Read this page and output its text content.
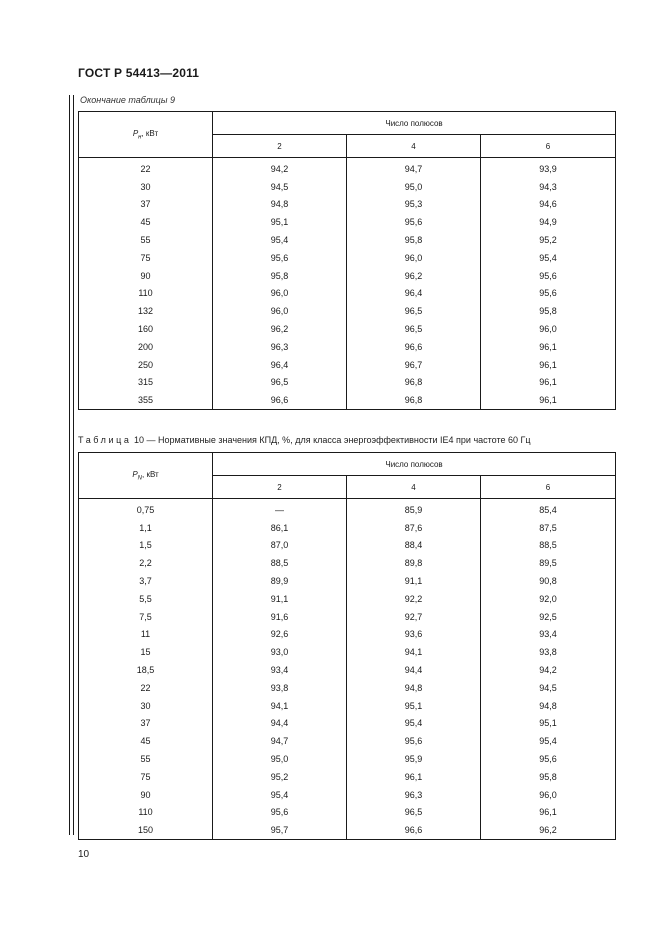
ГОСТ Р 54413—2011
Окончание таблицы 9
$P_н$, кВт	Число полюсов		
	2	4	6
22	94,2	94,7	93,9
30	94,5	95,0	94,3
37	94,8	95,3	94,6
45	95,1	95,6	94,9
55	95,4	95,8	95,2
75	95,6	96,0	95,4
90	95,8	96,2	95,6
110	96,0	96,4	95,6
132	96,0	96,5	95,8
160	96,2	96,5	96,0
200	96,3	96,6	96,1
250	96,4	96,7	96,1
315	96,5	96,8	96,1
355	96,6	96,8	96,1
Таблица 10 — Нормативные значения КПД, %, для класса энергоэффективности IE4 при частоте 60 Гц
$P_N$, кВт	Число полюсов		
	2	4	6
0,75	—	85,9	85,4
1,1	86,1	87,6	87,5
1,5	87,0	88,4	88,5
2,2	88,5	89,8	89,5
3,7	89,9	91,1	90,8
5,5	91,1	92,2	92,0
7,5	91,6	92,7	92,5
11	92,6	93,6	93,4
15	93,0	94,1	93,8
18,5	93,4	94,4	94,2
22	93,8	94,8	94,5
30	94,1	95,1	94,8
37	94,4	95,4	95,1
45	94,7	95,6	95,4
55	95,0	95,9	95,6
75	95,2	96,1	95,8
90	95,4	96,3	96,0
110	95,6	96,5	96,1
150	95,7	96,6	96,2
10
